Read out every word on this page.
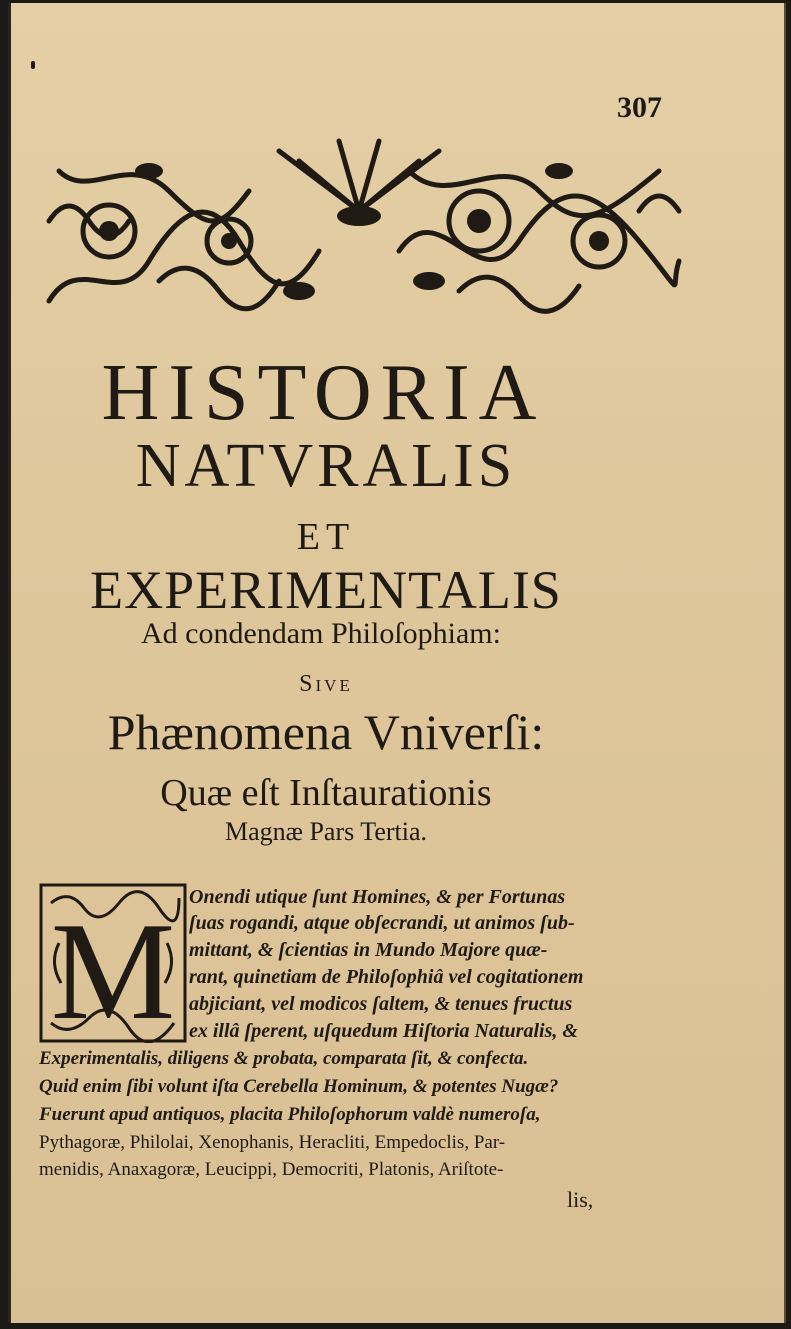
307
HISTORIA
NATVRALIS
ET
EXPERIMENTALIS
Ad condendam Philoſophiam:
Sive
Phænomena Vniverſi:
Quæ eſt Inſtaurationis
Magnæ Pars Tertia.
M Onendi utique ſunt Homines, & per Fortunas
ſuas rogandi, atque obſecrandi, ut animos ſub-
mittant, & ſcientias in Mundo Majore quæ-
rant, quinetiam de Philoſophiâ vel cogitationem
abjiciant, vel modicos ſaltem, & tenues fructus
ex illâ ſperent, uſquedum Hiſtoria Naturalis, &
Experimentalis, diligens & probata, comparata ſit, & confecta.
Quid enim ſibi volunt iſta Cerebella Hominum, & potentes Nugæ?
Fuerunt apud antiquos, placita Philoſophorum valdè numeroſa,
Pythagoræ, Philolai, Xenophanis, Heracliti, Empedoclis, Par-
menidis, Anaxagoræ, Leucippi, Democriti, Platonis, Ariſtote-
lis,
